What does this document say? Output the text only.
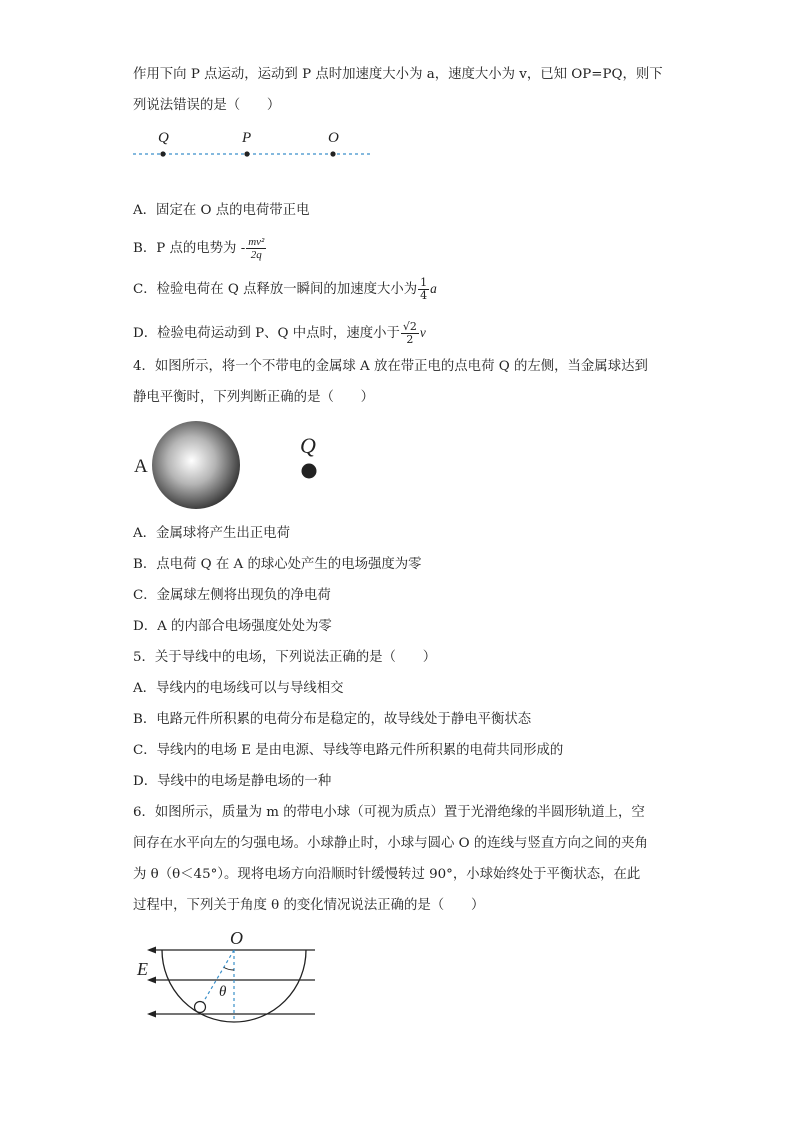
作用下向 P 点运动，运动到 P 点时加速度大小为 a，速度大小为 v，已知 OP=PQ，则下
列说法错误的是（　　）
Q	P	O
A．固定在 O 点的电荷带正电
B．P 点的电势为 - $\frac{\text{mv²}}{2q}$
C．检验电荷在 Q 点释放一瞬间的加速度大小为 $\frac{1}{4}$ a
D．检验电荷运动到 P、Q 中点时，速度小于 $\frac{√2}{2}$ v
4．如图所示，将一个不带电的金属球 A 放在带正电的点电荷 Q 的左侧，当金属球达到
静电平衡时，下列判断正确的是（　　）
A
Q
A．金属球将产生出正电荷
B．点电荷 Q 在 A 的球心处产生的电场强度为零
C．金属球左侧将出现负的净电荷
D．A 的内部合电场强度处处为零
5．关于导线中的电场，下列说法正确的是（　　）
A．导线内的电场线可以与导线相交
B．电路元件所积累的电荷分布是稳定的，故导线处于静电平衡状态
C．导线内的电场 E 是由电源、导线等电路元件所积累的电荷共同形成的
D．导线中的电场是静电场的一种
6．如图所示，质量为 m 的带电小球（可视为质点）置于光滑绝缘的半圆形轨道上，空
间存在水平向左的匀强电场。小球静止时，小球与圆心 O 的连线与竖直方向之间的夹角
为 θ（θ＜45°）。现将电场方向沿顺时针缓慢转过 90°，小球始终处于平衡状态，在此
过程中，下列关于角度 θ 的变化情况说法正确的是（　　）
O
E
θ
